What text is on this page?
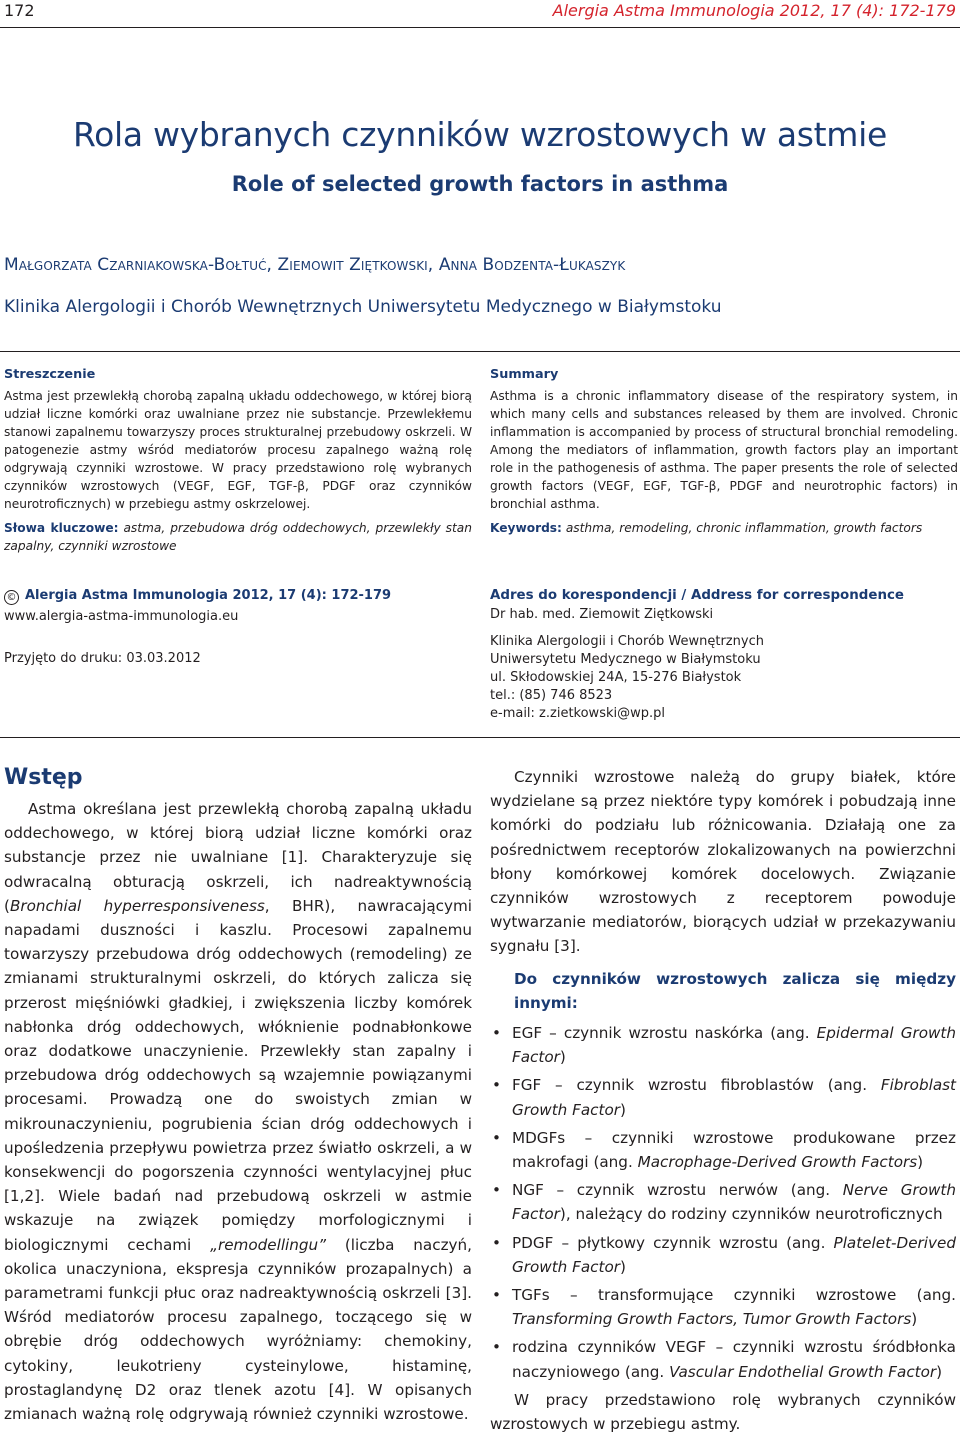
172	Alergia Astma Immunologia 2012, 17 (4): 172-179
Rola wybranych czynników wzrostowych w astmie
Role of selected growth factors in asthma
Małgorzata Czarniakowska-Bołtuć, Ziemowit Ziętkowski, Anna Bodzenta-Łukaszyk
Klinika Alergologii i Chorób Wewnętrznych Uniwersytetu Medycznego w Białymstoku
Streszczenie

Astma jest przewlekłą chorobą zapalną układu oddechowego, w której biorą udział liczne komórki oraz uwalniane przez nie substancje. Przewlekłemu stanowi zapalnemu towarzyszy proces strukturalnej przebudowy oskrzeli. W patogenezie astmy wśród mediatorów procesu zapalnego ważną rolę odgrywają czynniki wzrostowe. W pracy przedstawiono rolę wybranych czynników wzrostowych (VEGF, EGF, TGF-β, PDGF oraz czynników neurotroficznych) w przebiegu astmy oskrzelowej.

Słowa kluczowe: astma, przebudowa dróg oddechowych, przewlekły stan zapalny, czynniki wzrostowe

Summary

Asthma is a chronic inflammatory disease of the respiratory system, in which many cells and substances released by them are involved. Chronic inflammation is accompanied by process of structural bronchial remodeling. Among the mediators of inflammation, growth factors play an important role in the pathogenesis of asthma. The paper presents the role of selected growth factors (VEGF, EGF, TGF-β, PDGF and neurotrophic factors) in bronchial asthma.

Keywords: asthma, remodeling, chronic inflammation, growth factors

© Alergia Astma Immunologia 2012, 17 (4): 172-179
www.alergia-astma-immunologia.eu
Przyjęto do druku: 03.03.2012
Adres do korespondencji / Address for correspondence
Dr hab. med. Ziemowit Ziętkowski
Klinika Alergologii i Chorób Wewnętrznych
Uniwersytetu Medycznego w Białymstoku
ul. Skłodowskiej 24A, 15-276 Białystok
tel.: (85) 746 8523
e-mail: z.zietkowski@wp.pl
Wstęp

Astma określana jest przewlekłą chorobą zapalną układu oddechowego, w której biorą udział liczne komórki oraz substancje przez nie uwalniane [1]. Charakteryzuje się odwracalną obturacją oskrzeli, ich nadreaktywnością (Bronchial hyperresponsiveness, BHR), nawracającymi napadami duszności i kaszlu. Procesowi zapalnemu towarzyszy przebudowa dróg oddechowych (remodeling) ze zmianami strukturalnymi oskrzeli, do których zalicza się przerost mięśniówki gładkiej, i zwiększenia liczby komórek nabłonka dróg oddechowych, włóknienie podnabłonkowe oraz dodatkowe unaczynienie. Przewlekły stan zapalny i przebudowa dróg oddechowych są wzajemnie powiązanymi procesami. Prowadzą one do swoistych zmian w mikrounaczynieniu, pogrubienia ścian dróg oddechowych i upośledzenia przepływu powietrza przez światło oskrzeli, a w konsekwencji do pogorszenia czynności wentylacyjnej płuc [1,2]. Wiele badań nad przebudową oskrzeli w astmie wskazuje na związek pomiędzy morfologicznymi i biologicznymi cechami „remodellingu” (liczba naczyń, okolica unaczyniona, ekspresja czynników prozapalnych) a parametrami funkcji płuc oraz nadreaktywnością oskrzeli [3]. Wśród mediatorów procesu zapalnego, toczącego się w obrębie dróg oddechowych wyróżniamy: chemokiny, cytokiny, leukotrieny cysteinylowe, histaminę, prostaglandynę D2 oraz tlenek azotu [4]. W opisanych zmianach ważną rolę odgrywają również czynniki wzrostowe.

Czynniki wzrostowe należą do grupy białek, które wydzielane są przez niektóre typy komórek i pobudzają inne komórki do podziału lub różnicowania. Działają one za pośrednictwem receptorów zlokalizowanych na powierzchni błony komórkowej komórek docelowych. Związanie czynników wzrostowych z receptorem powoduje wytwarzanie mediatorów, biorących udział w przekazywaniu sygnału [3].

Do czynników wzrostowych zalicza się między innymi:

• EGF – czynnik wzrostu naskórka (ang. Epidermal Growth Factor)
• FGF – czynnik wzrostu fibroblastów (ang. Fibroblast Growth Factor)
• MDGFs – czynniki wzrostowe produkowane przez makrofagi (ang. Macrophage-Derived Growth Factors)
• NGF – czynnik wzrostu nerwów (ang. Nerve Growth Factor), należący do rodziny czynników neurotroficznych
• PDGF – płytkowy czynnik wzrostu (ang. Platelet-Derived Growth Factor)
• TGFs – transformujące czynniki wzrostowe (ang. Transforming Growth Factors, Tumor Growth Factors)
• rodzina czynników VEGF – czynniki wzrostu śródbłonka naczyniowego (ang. Vascular Endothelial Growth Factor)

W pracy przedstawiono rolę wybranych czynników wzrostowych w przebiegu astmy.
